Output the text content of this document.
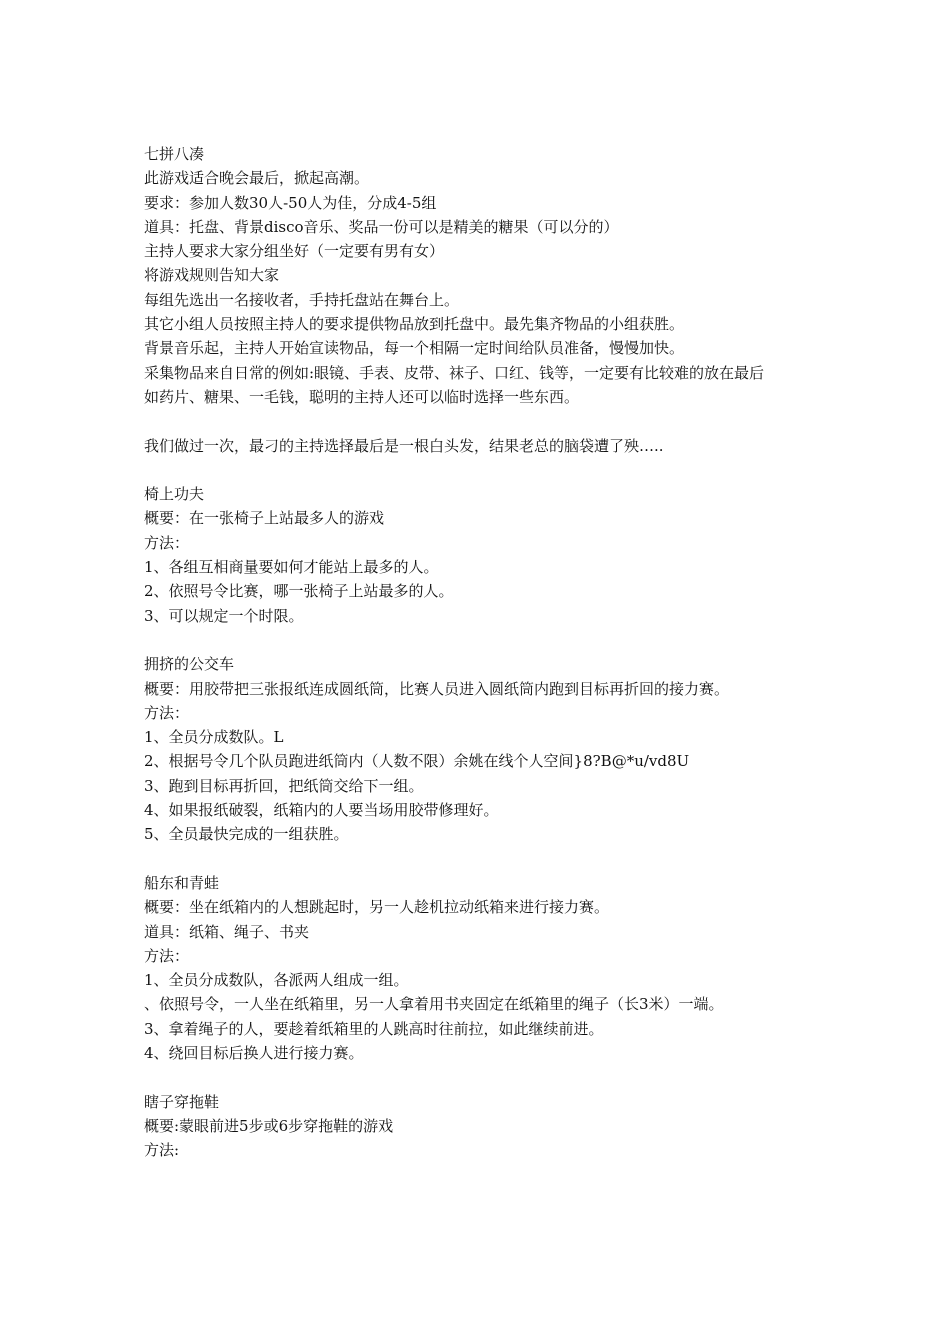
七拼八凑
此游戏适合晚会最后，掀起高潮。
要求：参加人数30人-50人为佳，分成4-5组
道具：托盘、背景disco音乐、奖品一份可以是精美的糖果（可以分的）
主持人要求大家分组坐好（一定要有男有女）
将游戏规则告知大家
每组先选出一名接收者，手持托盘站在舞台上。
其它小组人员按照主持人的要求提供物品放到托盘中。最先集齐物品的小组获胜。
背景音乐起，主持人开始宣读物品，每一个相隔一定时间给队员准备，慢慢加快。
采集物品来自日常的例如:眼镜、手表、皮带、袜子、口红、钱等，一定要有比较难的放在最后
如药片、糖果、一毛钱，聪明的主持人还可以临时选择一些东西。
我们做过一次，最刁的主持选择最后是一根白头发，结果老总的脑袋遭了殃…..
椅上功夫
概要：在一张椅子上站最多人的游戏
方法：
1、各组互相商量要如何才能站上最多的人。
2、依照号令比赛，哪一张椅子上站最多的人。
3、可以规定一个时限。
拥挤的公交车
概要：用胶带把三张报纸连成圆纸筒，比赛人员进入圆纸筒内跑到目标再折回的接力赛。
方法：
1、全员分成数队。L
2、根据号令几个队员跑进纸筒内（人数不限）余姚在线个人空间}8?B@*u/vd8U
3、跑到目标再折回，把纸筒交给下一组。
4、如果报纸破裂，纸箱内的人要当场用胶带修理好。
5、全员最快完成的一组获胜。
船东和青蛙
概要：坐在纸箱内的人想跳起时，另一人趁机拉动纸箱来进行接力赛。
道具：纸箱、绳子、书夹
方法：
1、全员分成数队，各派两人组成一组。
、依照号令，一人坐在纸箱里，另一人拿着用书夹固定在纸箱里的绳子（长3米）一端。
3、拿着绳子的人，要趁着纸箱里的人跳高时往前拉，如此继续前进。
4、绕回目标后换人进行接力赛。
瞎子穿拖鞋
概要:蒙眼前进5步或6步穿拖鞋的游戏
方法:
